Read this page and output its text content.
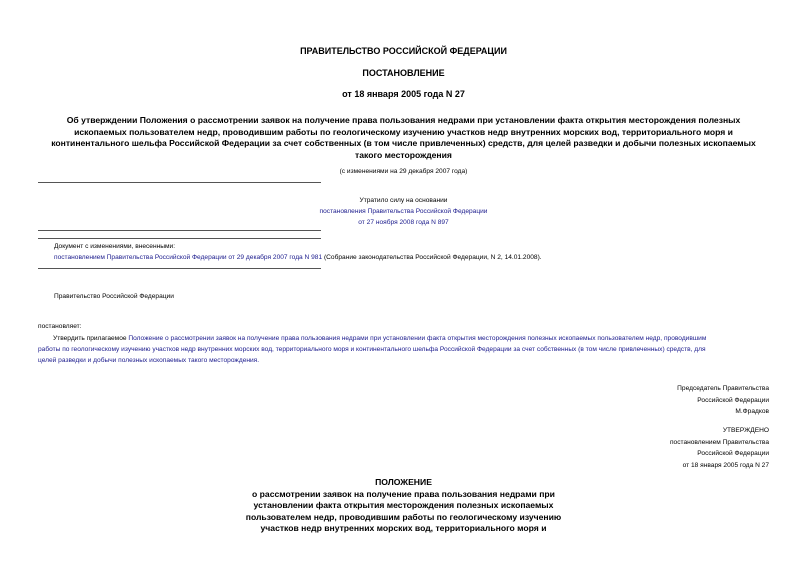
ПРАВИТЕЛЬСТВО РОССИЙСКОЙ ФЕДЕРАЦИИ
ПОСТАНОВЛЕНИЕ
от 18 января 2005 года N 27
Об утверждении Положения о рассмотрении заявок на получение права пользования недрами при установлении факта открытия месторождения полезных
ископаемых пользователем недр, проводившим работы по геологическому изучению участков недр внутренних морских вод, территориального моря и
континентального шельфа Российской Федерации за счет собственных (в том числе привлеченных) средств, для целей разведки и добычи полезных ископаемых
такого месторождения
(с изменениями на 29 декабря 2007 года)
Утратило силу на основании
постановления Правительства Российской Федерации
от 27 ноября 2008 года N 897
Документ с изменениями, внесенными:
постановлением Правительства Российской Федерации от 29 декабря 2007 года N 981 (Собрание законодательства Российской Федерации, N 2, 14.01.2008).
Правительство Российской Федерации
постановляет:
Утвердить прилагаемое Положение о рассмотрении заявок на получение права пользования недрами при установлении факта открытия месторождения полезных ископаемых пользователем недр, проводившим
работы по геологическому изучению участков недр внутренних морских вод, территориального моря и континентального шельфа Российской Федерации за счет собственных (в том числе привлеченных) средств, для
целей разведки и добычи полезных ископаемых такого месторождения.
Председатель Правительства
Российской Федерации
М.Фрадков
УТВЕРЖДЕНО
постановлением Правительства
Российской Федерации
от 18 января 2005 года N 27
ПОЛОЖЕНИЕ
о рассмотрении заявок на получение права пользования недрами при
установлении факта открытия месторождения полезных ископаемых
пользователем недр, проводившим работы по геологическому изучению
участков недр внутренних морских вод, территориального моря и
